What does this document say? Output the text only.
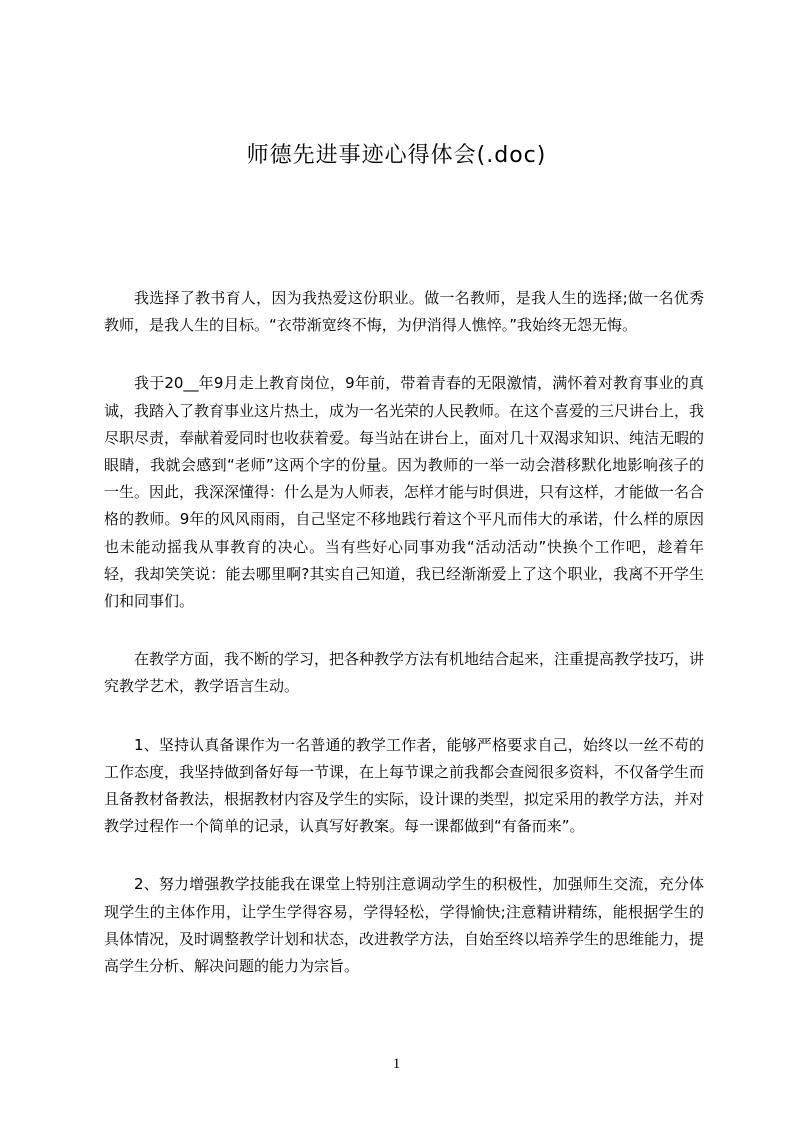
师德先进事迹心得体会(.doc)

我选择了教书育人，因为我热爱这份职业。做一名教师，是我人生的选择;做一名优秀教师，是我人生的目标。“衣带渐宽终不悔，为伊消得人憔悴。”我始终无怨无悔。

我于20__年9月走上教育岗位，9年前，带着青春的无限激情，满怀着对教育事业的真诚，我踏入了教育事业这片热土，成为一名光荣的人民教师。在这个喜爱的三尺讲台上，我尽职尽责，奉献着爱同时也收获着爱。每当站在讲台上，面对几十双渴求知识、纯洁无暇的眼睛，我就会感到“老师”这两个字的份量。因为教师的一举一动会潜移默化地影响孩子的一生。因此，我深深懂得：什么是为人师表，怎样才能与时俱进，只有这样，才能做一名合格的教师。9年的风风雨雨，自己坚定不移地践行着这个平凡而伟大的承诺，什么样的原因也未能动摇我从事教育的决心。当有些好心同事劝我“活动活动”快换个工作吧，趁着年轻，我却笑笑说：能去哪里啊?其实自己知道，我已经渐渐爱上了这个职业，我离不开学生们和同事们。

在教学方面，我不断的学习，把各种教学方法有机地结合起来，注重提高教学技巧，讲究教学艺术，教学语言生动。

1、坚持认真备课作为一名普通的教学工作者，能够严格要求自己，始终以一丝不苟的工作态度，我坚持做到备好每一节课，在上每节课之前我都会查阅很多资料，不仅备学生而且备教材备教法，根据教材内容及学生的实际，设计课的类型，拟定采用的教学方法，并对教学过程作一个简单的记录，认真写好教案。每一课都做到“有备而来”。

2、努力增强教学技能我在课堂上特别注意调动学生的积极性，加强师生交流，充分体现学生的主体作用，让学生学得容易，学得轻松，学得愉快;注意精讲精练，能根据学生的具体情况，及时调整教学计划和状态，改进教学方法，自始至终以培养学生的思维能力，提高学生分析、解决问题的能力为宗旨。

1
